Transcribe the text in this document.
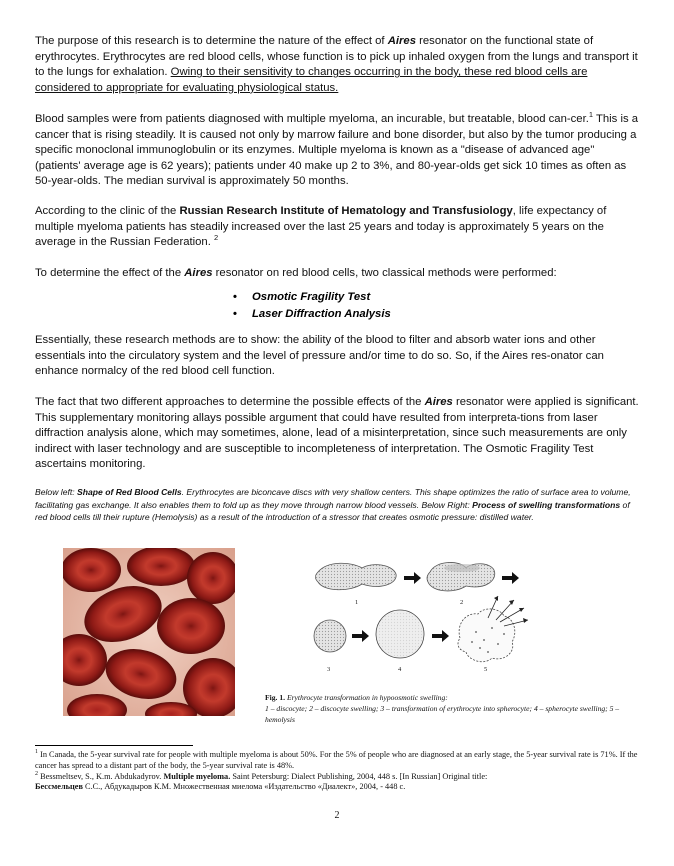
The purpose of this research is to determine the nature of the effect of Aires resonator on the functional state of erythrocytes. Erythrocytes are red blood cells, whose function is to pick up inhaled oxygen from the lungs and transport it to the lungs for exhalation. Owing to their sensitivity to changes occurring in the body, these red blood cells are considered to appropriate for evaluating physiological status.

Blood samples were from patients diagnosed with multiple myeloma, an incurable, but treatable, blood can-cer.$^1$ This is a cancer that is rising steadily. It is caused not only by marrow failure and bone disorder, but also by the tumor producing a specific monoclonal immunoglobulin or its enzymes. Multiple myeloma is known as a "disease of advanced age" (patients' average age is 62 years); patients under 40 make up 2 to 3%, and 80-year-olds get sick 10 times as often as 50-year-olds. The median survival is approximately 50 months.

According to the clinic of the Russian Research Institute of Hematology and Transfusiology, life expectancy of multiple myeloma patients has steadily increased over the last 25 years and today is approximately 5 years on the average in the Russian Federation. $^2$

To determine the effect of the Aires resonator on red blood cells, two classical methods were performed:

• Osmotic Fragility Test
• Laser Diffraction Analysis

Essentially, these research methods are to show: the ability of the blood to filter and absorb water ions and other essentials into the circulatory system and the level of pressure and/or time to do so. So, if the Aires res-onator can enhance normalcy of the red blood cell function.

The fact that two different approaches to determine the possible effects of the Aires resonator were applied is significant. This supplementary monitoring allays possible argument that could have resulted from interpreta-tions from laser diffraction analysis alone, which may sometimes, alone, lead of a misinterpretation, since such measurements are only indirect with laser technology and are susceptible to incompleteness of interpretation. The Osmotic Fragility Test ascertains monitoring.

Below left: Shape of Red Blood Cells. Erythrocytes are biconcave discs with very shallow centers. This shape optimizes the ratio of surface area to volume, facilitating gas exchange. It also enables them to fold up as they move through narrow blood vessels. Below Right: Process of swelling transformations of red blood cells till their rupture (Hemolysis) as a result of the introduction of a stressor that creates osmotic pressure: distilled water.

1	2
3	4	5

Fig. 1. Erythrocyte transformation in hypoosmotic swelling:
1 – discocyte; 2 – discocyte swelling; 3 – transformation of erythrocyte into spherocyte; 4 – spherocyte swelling; 5 – hemolysis

$^1$ In Canada, the 5-year survival rate for people with multiple myeloma is about 50%. For the 5% of people who are diagnosed at an early stage, the 5-year survival rate is 71%. If the cancer has spread to a distant part of the body, the 5-year survival rate is 48%.
$^2$ Bessmeltsev, S., K.m. Abdukadyrov. Multiple myeloma. Saint Petersburg: Dialect Publishing, 2004, 448 s. [In Russian] Original title:
Бессмельцев С.С., Абдукадыров К.М. Множественная миелома «Издательство «Диалект», 2004, - 448 с.
2
